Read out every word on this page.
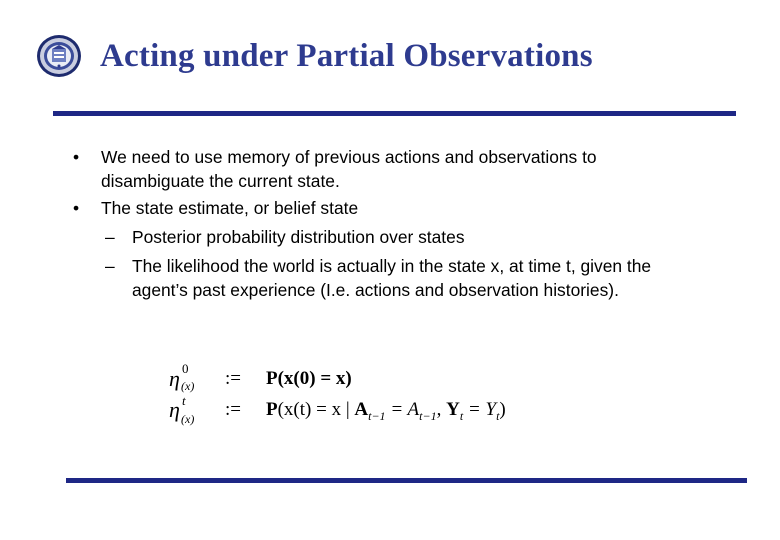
Acting under Partial Observations
• We need to use memory of previous actions and observations to
disambiguate the current state.
• The state estimate, or belief state
– Posterior probability distribution over states
– The likelihood the world is actually in the state x, at time t, given the
agent’s past experience (I.e. actions and observation histories).
η 0
(x) := P(x(0) = x)
η t
(x) := P(x(t) = x | $A_{t-1} = A_{t-1}$, $Y_t = Y_t$)
